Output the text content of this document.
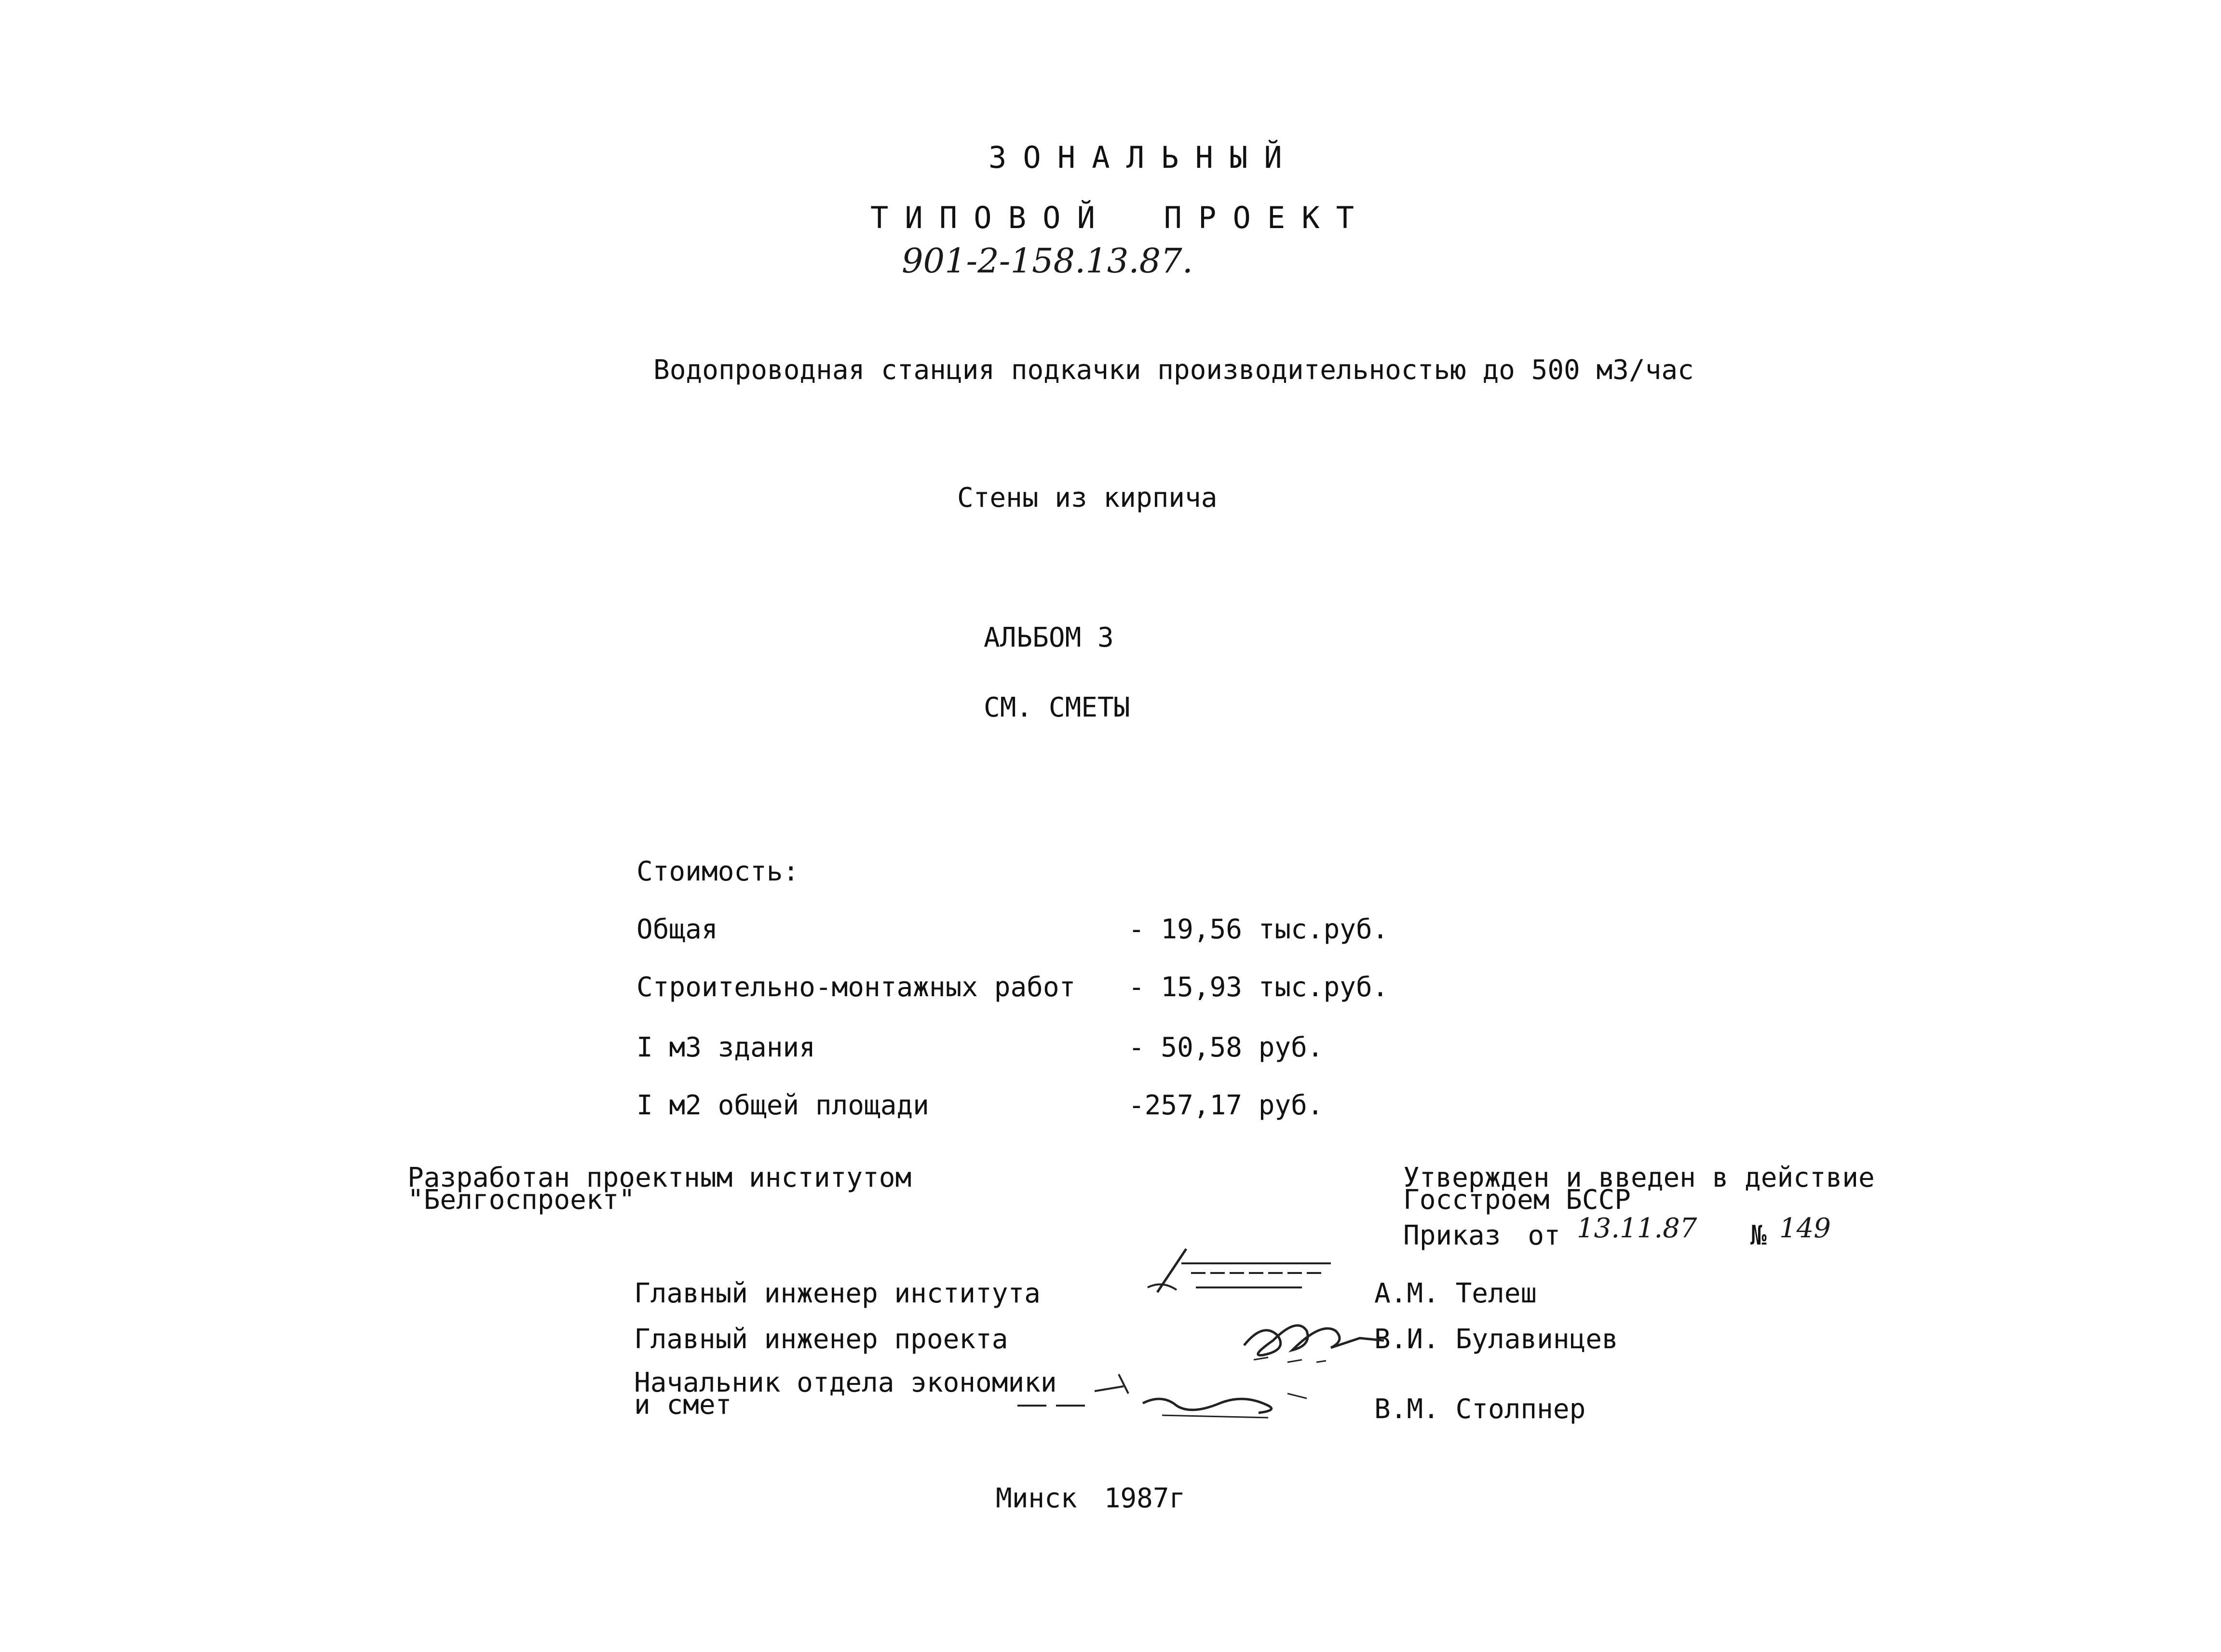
ЗОНАЛЬНЫЙ
ТИПОВОЙ ПРОЕКТ
901-2-158.13.87.
Водопроводная станция подкачки производительностью до 500 м3/час
Стены из кирпича
АЛЬБОМ 3
СМ. СМЕТЫ
Стоимость:
Общая	- 19,56 тыс.руб.
Строительно-монтажных работ - 15,93 тыс.руб.
I м3 здания	- 50,58 руб.
I м2 общей площади	-257,17 руб.
Разработан проектным институтом
"Белгоспроект"
Утвержден и введен в действие
Госстроем БССР
Приказ от 13.11.87 № 149
Главный инженер института	А.М. Телеш
Главный инженер проекта	В.И. Булавинцев
Начальник отдела экономики
и смет	В.М. Столпнер
Минск 1987г
